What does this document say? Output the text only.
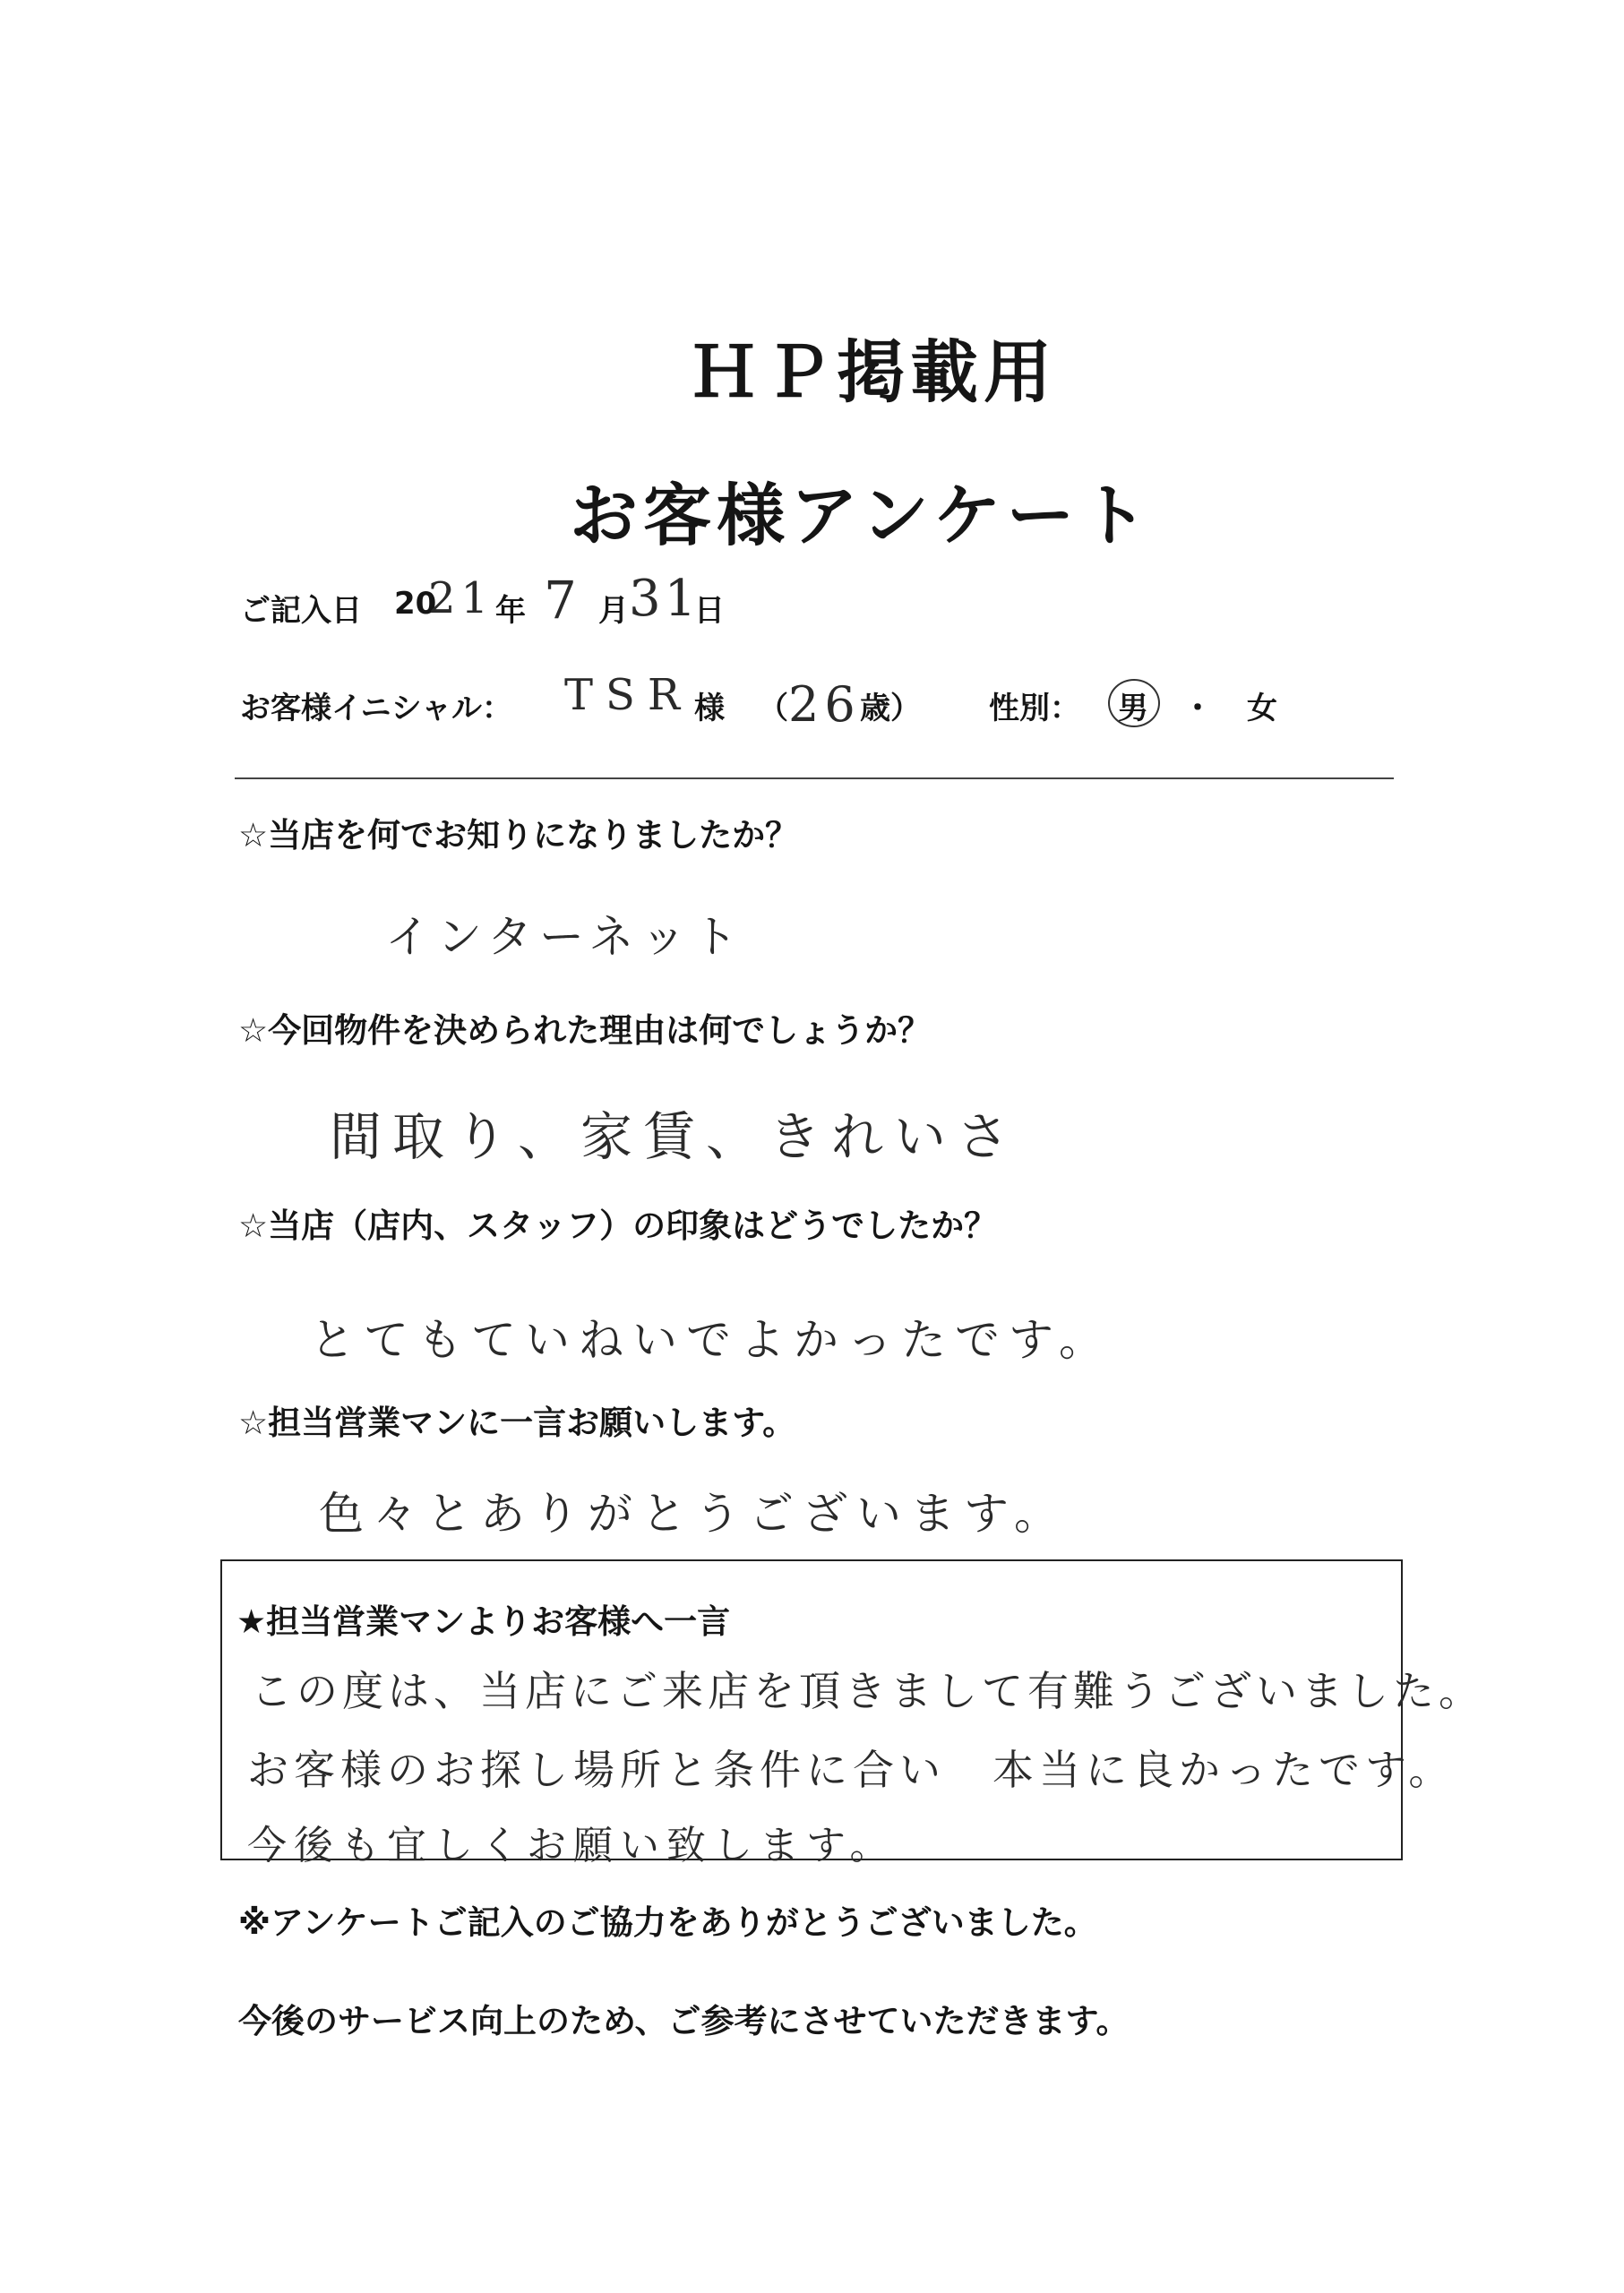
ＨＰ掲載用
お客様アンケート
ご記入日 20
21 年 7 月 31
日
お客様イニシャル： TSR 様 （ 26 歳） 性別： 男 ・ 女
☆当店を何でお知りになりましたか？
インターネット
☆今回物件を決められた理由は何でしょうか？
間取り、家賃、きれいさ
☆当店（店内、スタッフ）の印象はどうでしたか？
とてもていねいでよかったです。
☆担当営業マンに一言お願いします。
色々とありがとうございます。
★担当営業マンよりお客様へ一言
この度は、当店にご来店を頂きまして有難うございました。
お客様のお探し場所と条件に合い　本当に良かったです。
今後も宜しくお願い致します。
※アンケートご記入のご協力をありがとうございました。
今後のサービス向上のため、ご参考にさせていただきます。
